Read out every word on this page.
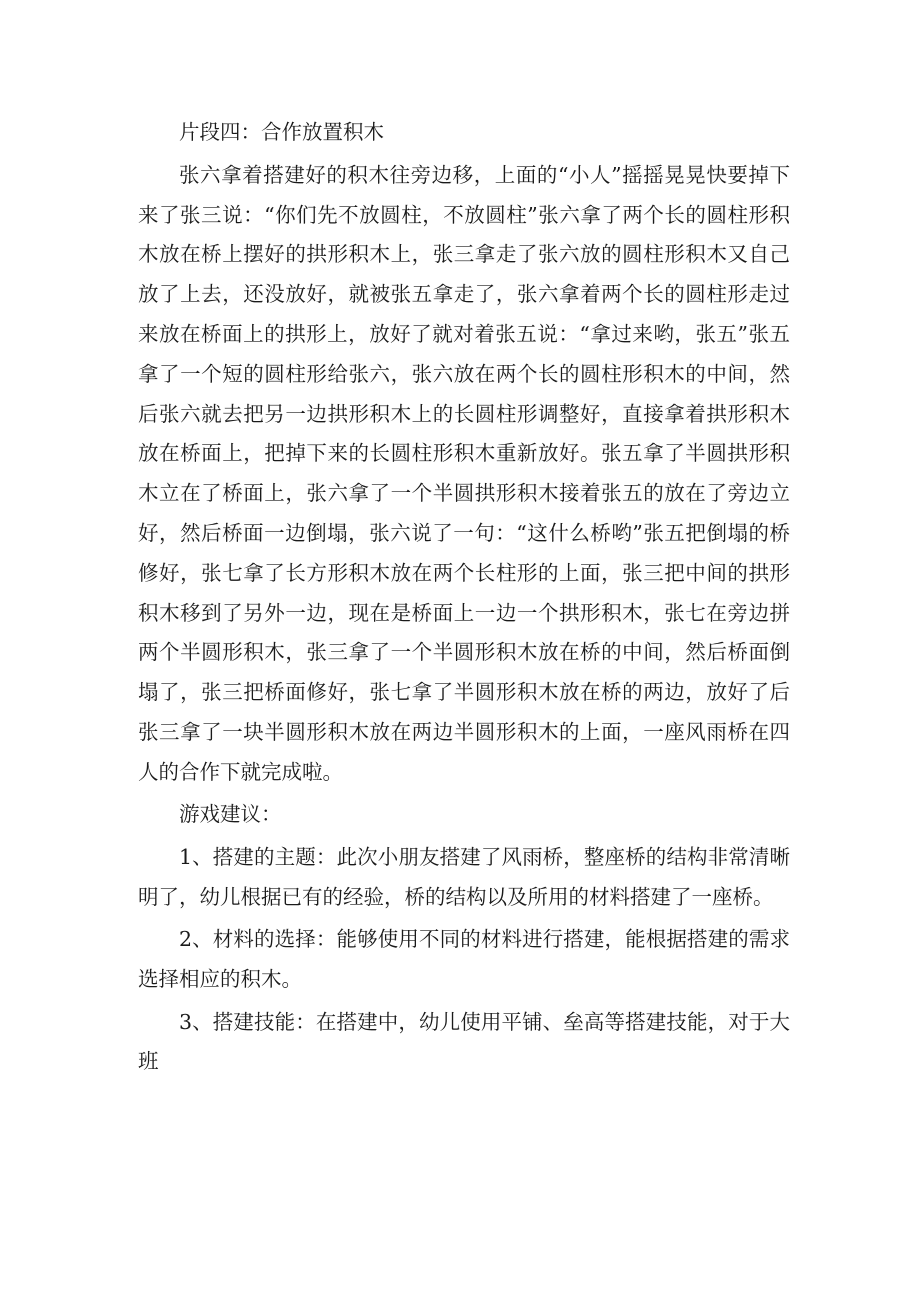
片段四：合作放置积木

张六拿着搭建好的积木往旁边移，上面的“小人”摇摇晃晃快要掉下来了张三说：“你们先不放圆柱，不放圆柱”张六拿了两个长的圆柱形积木放在桥上摆好的拱形积木上，张三拿走了张六放的圆柱形积木又自己放了上去，还没放好，就被张五拿走了，张六拿着两个长的圆柱形走过来放在桥面上的拱形上，放好了就对着张五说：“拿过来哟，张五”张五拿了一个短的圆柱形给张六，张六放在两个长的圆柱形积木的中间，然后张六就去把另一边拱形积木上的长圆柱形调整好，直接拿着拱形积木放在桥面上，把掉下来的长圆柱形积木重新放好。张五拿了半圆拱形积木立在了桥面上，张六拿了一个半圆拱形积木接着张五的放在了旁边立好，然后桥面一边倒塌，张六说了一句：“这什么桥哟”张五把倒塌的桥修好，张七拿了长方形积木放在两个长柱形的上面，张三把中间的拱形积木移到了另外一边，现在是桥面上一边一个拱形积木，张七在旁边拼两个半圆形积木，张三拿了一个半圆形积木放在桥的中间，然后桥面倒塌了，张三把桥面修好，张七拿了半圆形积木放在桥的两边，放好了后张三拿了一块半圆形积木放在两边半圆形积木的上面，一座风雨桥在四人的合作下就完成啦。

游戏建议：

1、搭建的主题：此次小朋友搭建了风雨桥，整座桥的结构非常清晰明了，幼儿根据已有的经验，桥的结构以及所用的材料搭建了一座桥。

2、材料的选择：能够使用不同的材料进行搭建，能根据搭建的需求选择相应的积木。

3、搭建技能：在搭建中，幼儿使用平铺、垒高等搭建技能，对于大班
